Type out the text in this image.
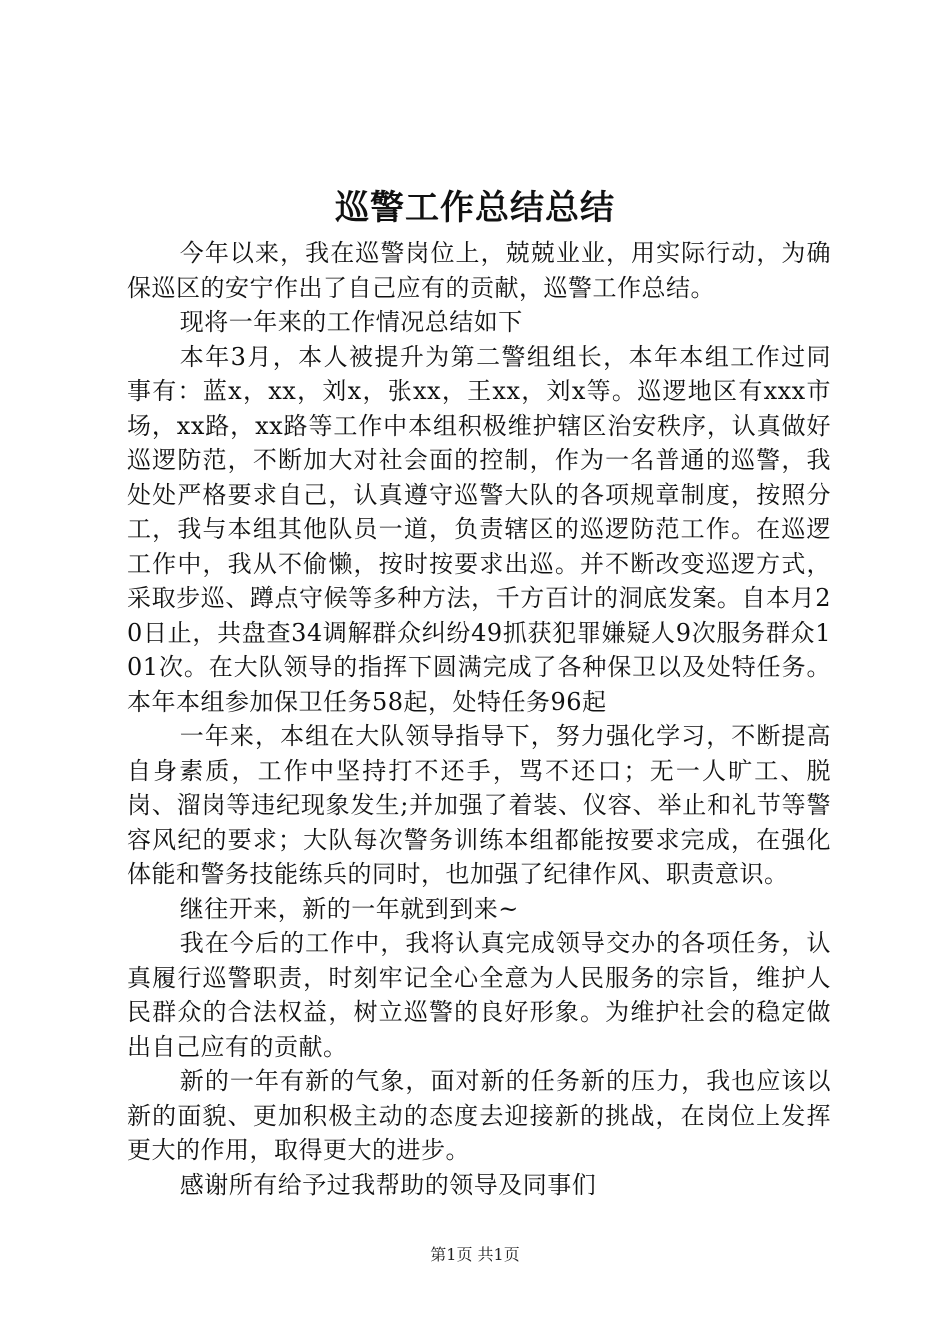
巡警工作总结总结

今年以来，我在巡警岗位上，兢兢业业，用实际行动，为确保巡区的安宁作出了自己应有的贡献，巡警工作总结。

现将一年来的工作情况总结如下

本年3月，本人被提升为第二警组组长，本年本组工作过同事有：蓝x，xx，刘x，张xx，王xx，刘x等。巡逻地区有xxx市场，xx路，xx路等工作中本组积极维护辖区治安秩序，认真做好巡逻防范，不断加大对社会面的控制，作为一名普通的巡警，我处处严格要求自己，认真遵守巡警大队的各项规章制度，按照分工，我与本组其他队员一道，负责辖区的巡逻防范工作。在巡逻工作中，我从不偷懒，按时按要求出巡。并不断改变巡逻方式，采取步巡、蹲点守候等多种方法，千方百计的洞底发案。自本月20日止，共盘查34调解群众纠纷49抓获犯罪嫌疑人9次服务群众101次。在大队领导的指挥下圆满完成了各种保卫以及处特任务。本年本组参加保卫任务58起，处特任务96起

一年来，本组在大队领导指导下，努力强化学习，不断提高自身素质，工作中坚持打不还手，骂不还口；无一人旷工、脱岗、溜岗等违纪现象发生;并加强了着装、仪容、举止和礼节等警容风纪的要求；大队每次警务训练本组都能按要求完成，在强化体能和警务技能练兵的同时，也加强了纪律作风、职责意识。

继往开来，新的一年就到到来~

我在今后的工作中，我将认真完成领导交办的各项任务，认真履行巡警职责，时刻牢记全心全意为人民服务的宗旨，维护人民群众的合法权益，树立巡警的良好形象。为维护社会的稳定做出自己应有的贡献。

新的一年有新的气象，面对新的任务新的压力，我也应该以新的面貌、更加积极主动的态度去迎接新的挑战，在岗位上发挥更大的作用，取得更大的进步。

感谢所有给予过我帮助的领导及同事们

第1页 共1页
